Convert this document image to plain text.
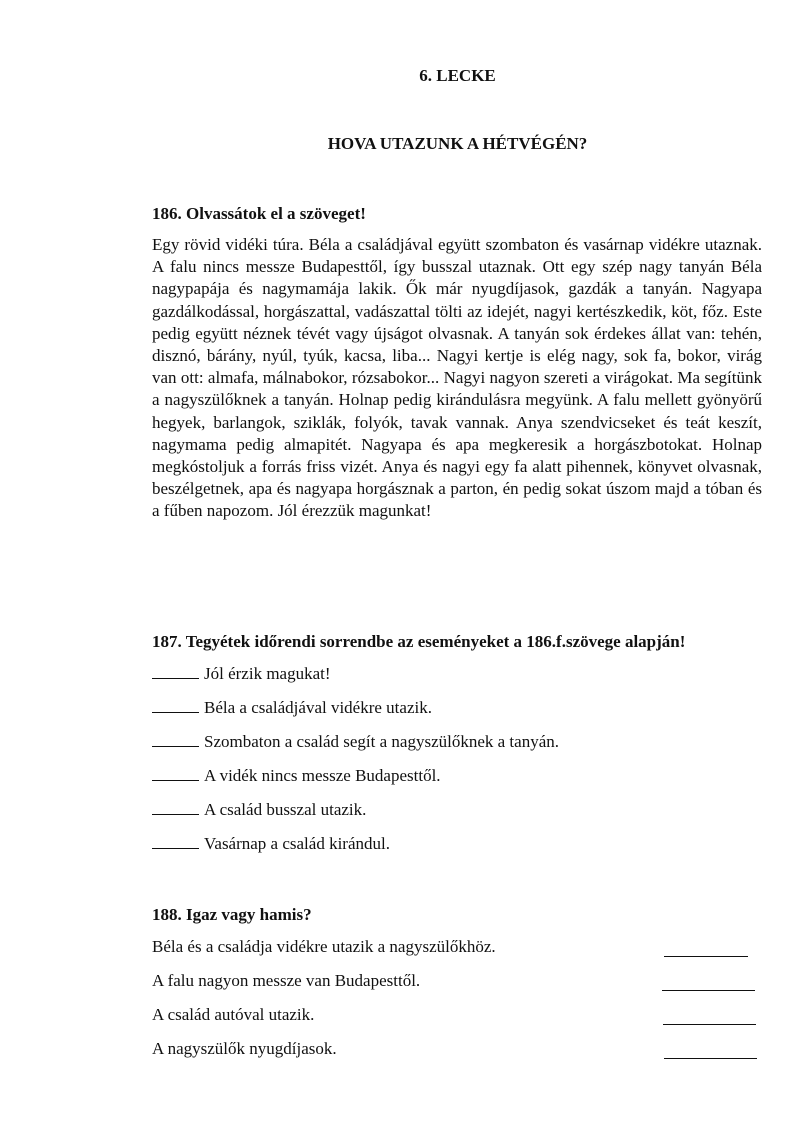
6. LECKE
HOVA UTAZUNK A HÉTVÉGÉN?
186. Olvassátok el a szöveget!

Egy rövid vidéki túra. Béla a családjával együtt szombaton és vasárnap vidékre utaznak. A falu nincs messze Budapesttől, így busszal utaznak. Ott egy szép nagy tanyán Béla nagypapája és nagymamája lakik. Ők már nyugdíjasok, gazdák a tanyán. Nagyapa gazdálkodással, horgászattal, vadászattal tölti az idejét, nagyi kertészkedik, köt, főz. Este pedig együtt néznek tévét vagy újságot olvasnak. A tanyán sok érdekes állat van: tehén, disznó, bárány, nyúl, tyúk, kacsa, liba... Nagyi kertje is elég nagy, sok fa, bokor, virág van ott: almafa, málnabokor, rózsabokor... Nagyi nagyon szereti a virágokat. Ma segítünk a nagyszülőknek a tanyán. Holnap pedig kirándulásra megyünk. A falu mellett gyönyörű hegyek, barlangok, sziklák, folyók, tavak vannak. Anya szendvicseket és teát keszít, nagymama pedig almapitét. Nagyapa és apa megkeresik a horgászbotokat. Holnap megkóstoljuk a forrás friss vizét. Anya és nagyi egy fa alatt pihennek, könyvet olvasnak, beszélgetnek, apa és nagyapa horgásznak a parton, én pedig sokat úszom majd a tóban és a fűben napozom. Jól érezzük magunkat!

187. Tegyétek időrendi sorrendbe az eseményeket a 186.f.szövege alapján!
Jól érzik magukat!
Béla a családjával vidékre utazik.
Szombaton a család segít a nagyszülőknek a tanyán.
A vidék nincs messze Budapesttől.
A család busszal utazik.
Vasárnap a család kirándul.
188. Igaz vagy hamis?
Béla és a családja vidékre utazik a nagyszülőkhöz.
A falu nagyon messze van Budapesttől.
A család autóval utazik.
A nagyszülők nyugdíjasok.
